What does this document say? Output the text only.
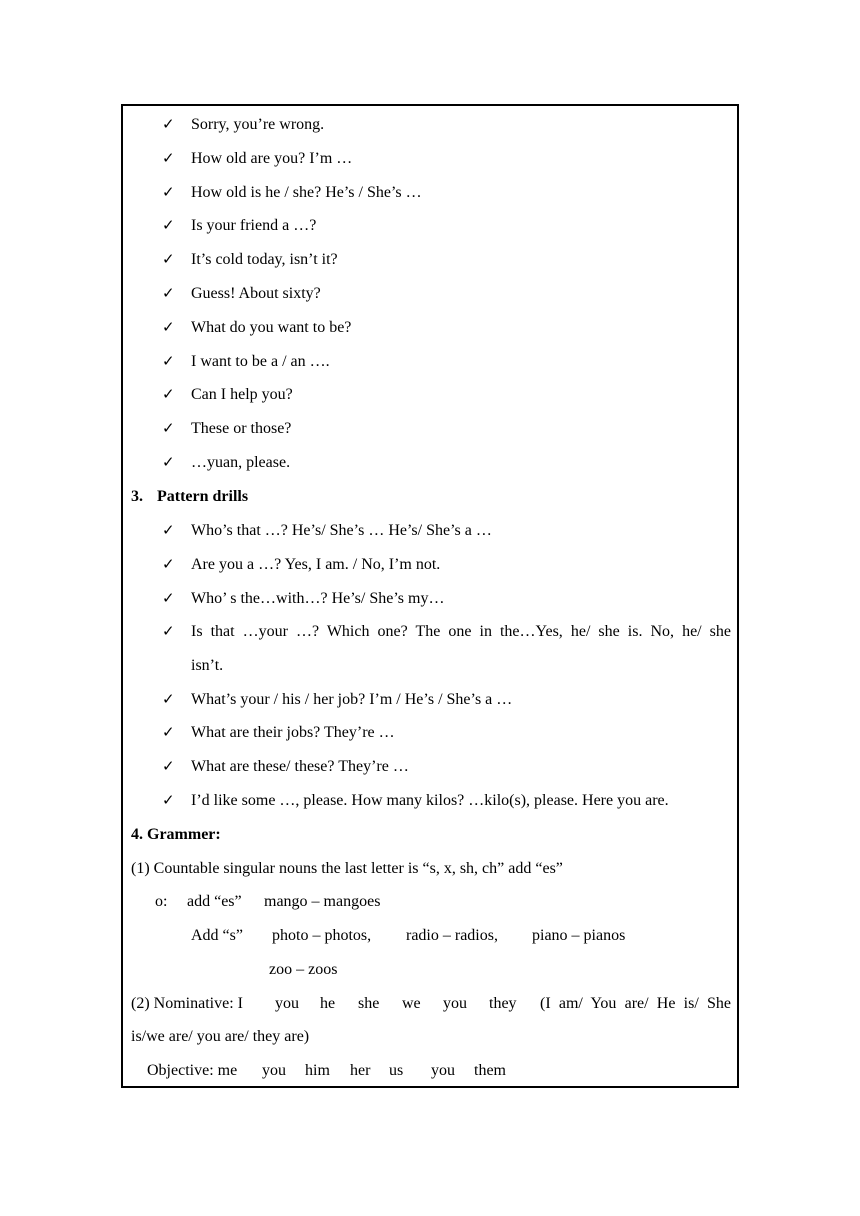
✓ Sorry, you’re wrong.
✓ How old are you? I’m …
✓ How old is he / she? He’s / She’s …
✓ Is your friend a …?
✓ It’s cold today, isn’t it?
✓ Guess! About sixty?
✓ What do you want to be?
✓ I want to be a / an ….
✓ Can I help you?
✓ These or those?
✓ …yuan, please.
3. Pattern drills
✓ Who’s that …? He’s/ She’s … He’s/ She’s a …
✓ Are you a …? Yes, I am. / No, I’m not.
✓ Who’ s the…with…? He’s/ She’s my…
✓ Is that …your …? Which one? The one in the…Yes, he/ she is. No, he/ she
isn’t.
✓ What’s your / his / her job? I’m / He’s / She’s a …
✓ What are their jobs? They’re …
✓ What are these/ these? They’re …
✓ I’d like some …, please. How many kilos? …kilo(s), please. Here you are.
4. Grammer:
(1) Countable singular nouns the last letter is “s, x, sh, ch” add “es”
o: add “es” mango – mangoes
Add “s” photo – photos, radio – radios, piano – pianos
zoo – zoos
(2) Nominative: I you he she we you they (I am/ You are/ He is/ She
is/we are/ you are/ they are)
Objective: me you him her us you them
